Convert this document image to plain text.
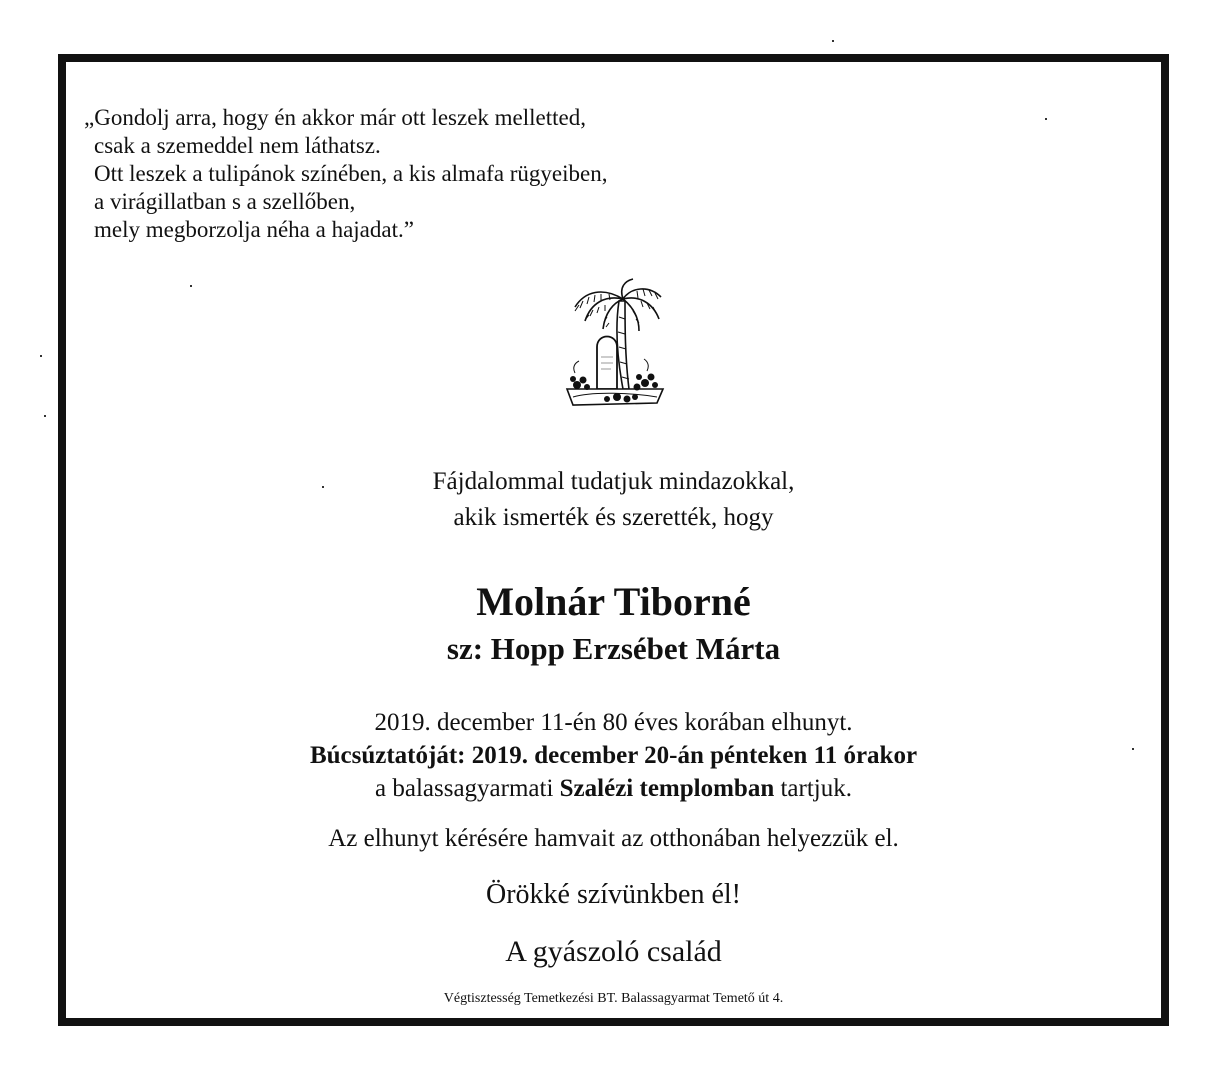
„Gondolj arra, hogy én akkor már ott leszek melletted,
csak a szemeddel nem láthatsz.
Ott leszek a tulipánok színében, a kis almafa rügyeiben,
a virágillatban s a szellőben,
mely megborzolja néha a hajadat.”
Fájdalommal tudatjuk mindazokkal,
akik ismerték és szerették, hogy
Molnár Tiborné
sz: Hopp Erzsébet Márta
2019. december 11-én 80 éves korában elhunyt.
Búcsúztatóját: 2019. december 20-án pénteken 11 órakor
a balassagyarmati Szalézi templomban tartjuk.
Az elhunyt kérésére hamvait az otthonában helyezzük el.
Örökké szívünkben él!
A gyászoló család
Végtisztesség Temetkezési BT. Balassagyarmat Temető út 4.
